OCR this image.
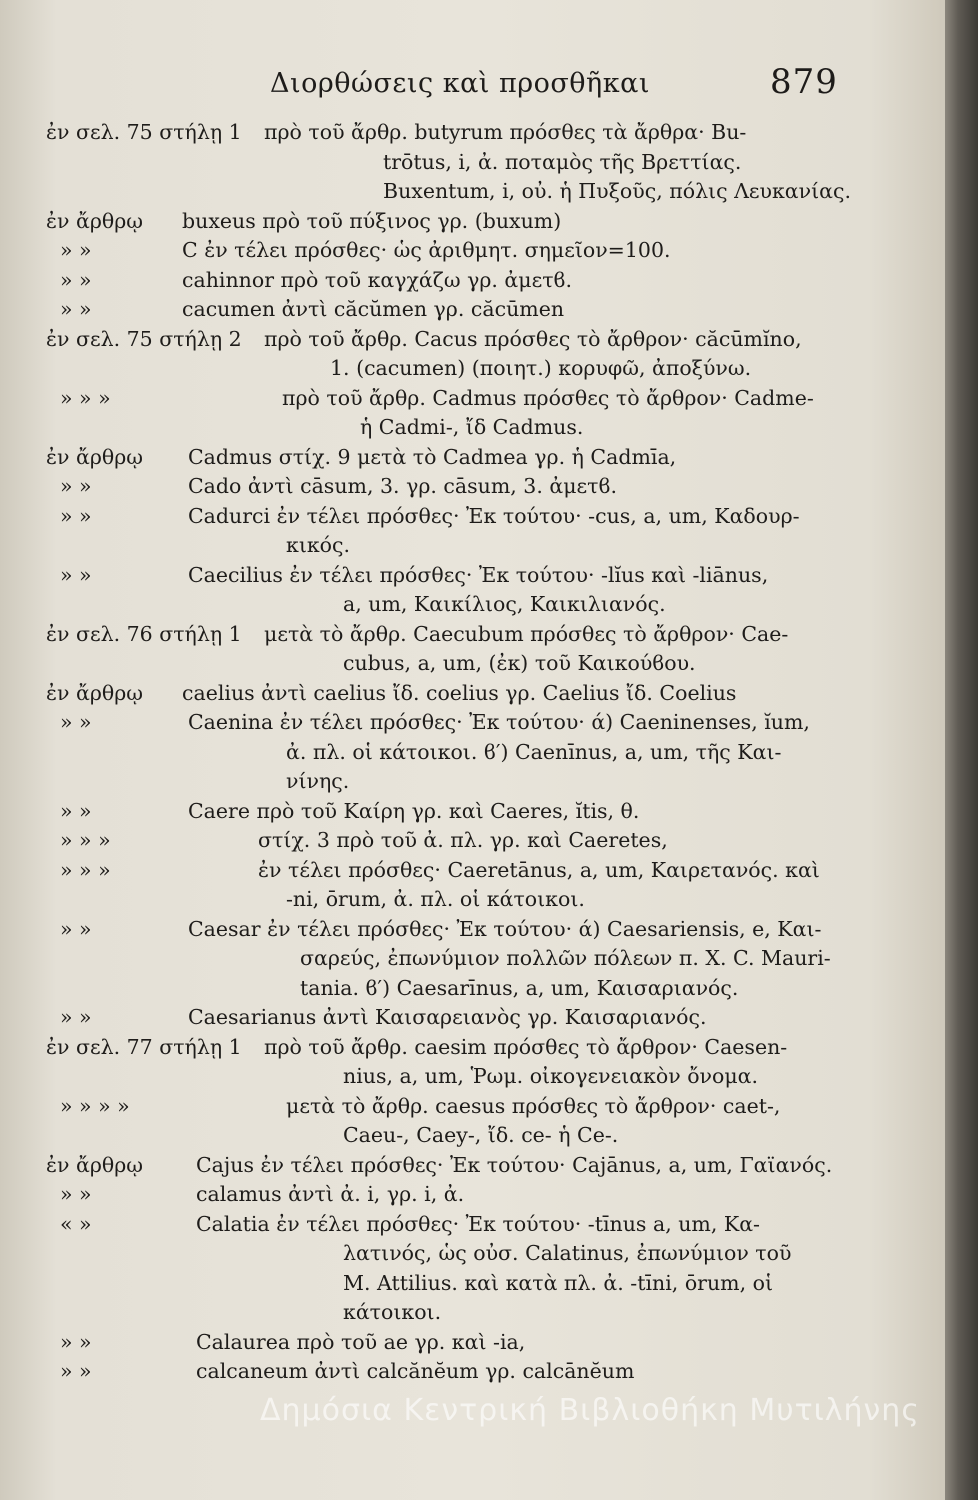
Διορθώσεις καὶ προσθῆκαι	879
ἐν σελ. 75 στήλῃ 1 πρὸ τοῦ ἄρθρ. butyrum πρόσθες τὰ ἄρθρα· Bu-
trōtus, i, ἀ. ποταμὸς τῆς Βρεττίας.
Buxentum, i, οὐ. ἡ Πυξοῦς, πόλις Λευκανίας.
ἐν ἄρθρῳ buxeus πρὸ τοῦ πύξινος γρ. (buxum)
» »	C ἐν τέλει πρόσθες· ὡς ἀριθμητ. σημεῖον=100.
» »	cahinnor πρὸ τοῦ καγχάζω γρ. ἀμετϐ.
» »	cacumen ἀντὶ căcŭmen γρ. căcūmen
ἐν σελ. 75 στήλῃ 2 πρὸ τοῦ ἄρθρ. Cacus πρόσθες τὸ ἄρθρον· căcūmĭno,
1. (cacumen) (ποιητ.) κορυφῶ, ἀποξύνω.
» » »	πρὸ τοῦ ἄρθρ. Cadmus πρόσθες τὸ ἄρθρον· Cadme-
ἡ Cadmi-, ἴδ Cadmus.
ἐν ἄρθρῳ Cadmus στίχ. 9 μετὰ τὸ Cadmea γρ. ἡ Cadmīa,
» »	Cado ἀντὶ cāsum, 3. γρ. cāsum, 3. ἀμετϐ.
» »	Cadurci ἐν τέλει πρόσθες· Ἐκ τούτου· -cus, a, um, Καδουρ-
κικός.
» »	Caecilius ἐν τέλει πρόσθες· Ἐκ τούτου· -lĭus καὶ -liānus,
a, um, Καικίλιος, Καικιλιανός.
ἐν σελ. 76 στήλῃ 1 μετὰ τὸ ἄρθρ. Caecubum πρόσθες τὸ ἄρθρον· Cae-
cubus, a, um, (ἐκ) τοῦ Καικούϐου.
ἐν ἄρθρῳ caelius ἀντὶ caelius ἴδ. coelius γρ. Caelius ἴδ. Coelius
» »	Caenina ἐν τέλει πρόσθες· Ἐκ τούτου· ά) Caeninenses, ĭum,
ἀ. πλ. οἱ κάτοικοι. ϐ′) Caenīnus, a, um, τῆς Και-
νίνης.
» »	Caere πρὸ τοῦ Καίρη γρ. καὶ Caeres, ĭtis, θ.
» » »	στίχ. 3 πρὸ τοῦ ἀ. πλ. γρ. καὶ Caeretes,
» » »	ἐν τέλει πρόσθες· Caeretānus, a, um, Καιρετανός. καὶ
-ni, ōrum, ἀ. πλ. οἱ κάτοικοι.
» »	Caesar ἐν τέλει πρόσθες· Ἐκ τούτου· ά) Caesariensis, e, Και-
σαρεύς, ἐπωνύμιον πολλῶν πόλεων π. X. C. Mauri-
tania. ϐ′) Caesarīnus, a, um, Καισαριανός.
» »	Caesarianus ἀντὶ Καισαρειανὸς γρ. Καισαριανός.
ἐν σελ. 77 στήλῃ 1 πρὸ τοῦ ἄρθρ. caesim πρόσθες τὸ ἄρθρον· Caesen-
nius, a, um, Ῥωμ. οἰκογενειακὸν ὄνομα.
» » » »	μετὰ τὸ ἄρθρ. caesus πρόσθες τὸ ἄρθρον· caet-,
Caeu-, Caey-, ἴδ. ce- ἡ Ce-.
ἐν ἄρθρῳ	Cajus ἐν τέλει πρόσθες· Ἐκ τούτου· Cajānus, a, um, Γαϊανός.
» »	calamus ἀντὶ ἀ. i, γρ. i, ἀ.
« »	Calatia ἐν τέλει πρόσθες· Ἐκ τούτου· -tīnus a, um, Κα-
λατινός, ὡς οὐσ. Calatinus, ἐπωνύμιον τοῦ
M. Attilius. καὶ κατὰ πλ. ἀ. -tīni, ōrum, οἱ
κάτοικοι.
» »	Calaurea πρὸ τοῦ ae γρ. καὶ -ia,
» »	calcaneum ἀντὶ calcănĕum γρ. calcānĕum
Δημόσια Κεντρική Βιβλιοθήκη Μυτιλήνης
